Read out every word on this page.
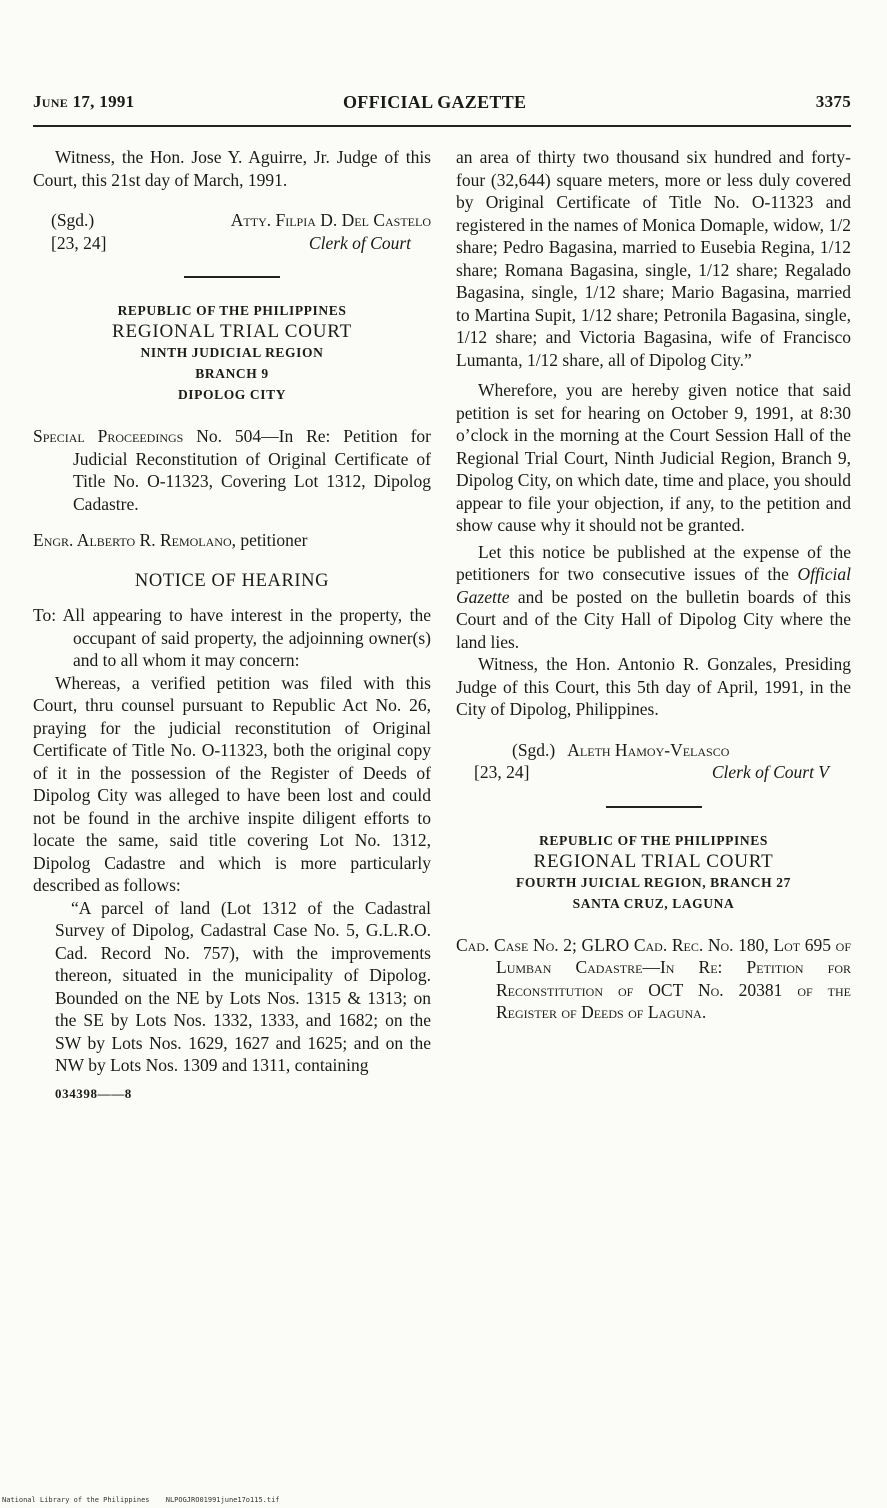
June 17, 1991	OFFICIAL GAZETTE	3375

Witness, the Hon. Jose Y. Aguirre, Jr. Judge of this Court, this 21st day of March, 1991.

(Sgd.)	Atty. Filpia D. Del Castelo
[23, 24]	Clerk of Court
REPUBLIC OF THE PHILIPPINES
REGIONAL TRIAL COURT
NINTH JUDICIAL REGION
BRANCH 9
DIPOLOG CITY

Special Proceedings No. 504—In Re: Petition for Judicial Reconstitution of Original Certificate of Title No. O-11323, Covering Lot 1312, Dipolog Cadastre.

Engr. Alberto R. Remolano, petitioner

NOTICE OF HEARING

To: All appearing to have interest in the property, the occupant of said property, the adjoinning owner(s) and to all whom it may concern:

Whereas, a verified petition was filed with this Court, thru counsel pursuant to Republic Act No. 26, praying for the judicial reconstitution of Original Certificate of Title No. O-11323, both the original copy of it in the possession of the Register of Deeds of Dipolog City was alleged to have been lost and could not be found in the archive inspite diligent efforts to locate the same, said title covering Lot No. 1312, Dipolog Cadastre and which is more particularly described as follows:

“A parcel of land (Lot 1312 of the Cadastral Survey of Dipolog, Cadastral Case No. 5, G.L.R.O. Cad. Record No. 757), with the improvements thereon, situated in the municipality of Dipolog. Bounded on the NE by Lots Nos. 1315 & 1313; on the SE by Lots Nos. 1332, 1333, and 1682; on the SW by Lots Nos. 1629, 1627 and 1625; and on the NW by Lots Nos. 1309 and 1311, containing

034398——8

an area of thirty two thousand six hundred and forty-four (32,644) square meters, more or less duly covered by Original Certificate of Title No. O-11323 and registered in the names of Monica Domaple, widow, 1/2 share; Pedro Bagasina, married to Eusebia Regina, 1/12 share; Romana Bagasina, single, 1/12 share; Regalado Bagasina, single, 1/12 share; Mario Bagasina, married to Martina Supit, 1/12 share; Petronila Bagasina, single, 1/12 share; and Victoria Bagasina, wife of Francisco Lumanta, 1/12 share, all of Dipolog City.”

Wherefore, you are hereby given notice that said petition is set for hearing on October 9, 1991, at 8:30 o’clock in the morning at the Court Session Hall of the Regional Trial Court, Ninth Judicial Region, Branch 9, Dipolog City, on which date, time and place, you should appear to file your objection, if any, to the petition and show cause why it should not be granted.

Let this notice be published at the expense of the petitioners for two consecutive issues of the Official Gazette and be posted on the bulletin boards of this Court and of the City Hall of Dipolog City where the land lies.

Witness, the Hon. Antonio R. Gonzales, Presiding Judge of this Court, this 5th day of April, 1991, in the City of Dipolog, Philippines.

(Sgd.) Aleth Hamoy-Velasco
[23, 24]	Clerk of Court V
REPUBLIC OF THE PHILIPPINES
REGIONAL TRIAL COURT
FOURTH JUICIAL REGION, BRANCH 27
SANTA CRUZ, LAGUNA

Cad. Case No. 2; GLRO Cad. Rec. No. 180, Lot 695 of Lumban Cadastre—In Re: Petition for Reconstitution of OCT No. 20381 of the Register of Deeds of Laguna.

National Library of the Philippines NLPOGJRO01991june17o115.tif
